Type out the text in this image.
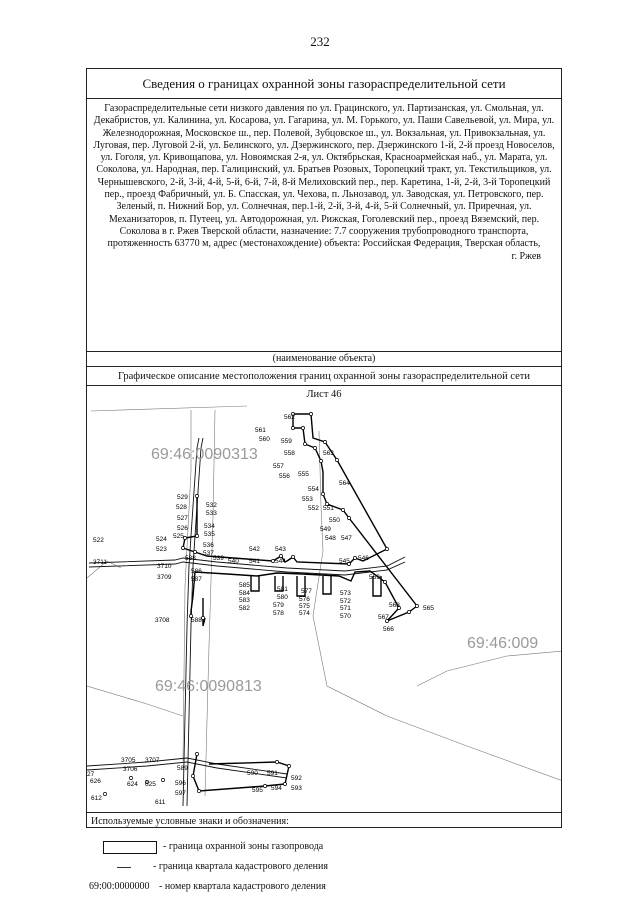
232
Сведения о границах охранной зоны газораспределительной сети
Газораспределительные сети низкого давления по ул. Грацинского, ул. Партизанская, ул. Смольная, ул. Декабристов, ул. Калинина, ул. Косарова, ул. Гагарина, ул. М. Горького, ул. Паши Савельевой, ул. Мира, ул. Железнодорожная, Московское ш., пер. Полевой, Зубцовское ш., ул. Вокзальная, ул. Привокзальная, ул. Луговая, пер. Луговой 2-й, ул. Белинского, ул. Дзержинского, пер. Дзержинского 1-й, 2-й проезд Новоселов, ул. Гоголя, ул. Кривощапова, ул. Новоямская 2-я, ул. Октябрьская, Красноармейская наб., ул. Марата, ул. Соколова, ул. Народная, пер. Галицинский, ул. Братьев Розовых, Торопецкий тракт, ул. Текстильщиков, ул. Чернышевского, 2-й, 3-й, 4-й, 5-й, 6-й, 7-й, 8-й Мелиховский пер., пер. Каретина, 1-й, 2-й, 3-й Торопецкий пер., проезд Фабричный, ул. Б. Спасская, ул. Чехова, п. Льнозавод, ул. Заводская, ул. Петровского, пер. Зеленый, п. Нижний Бор, ул. Солнечная, пер.1-й, 2-й, 3-й, 4-й, 5-й Солнечный, ул. Приречная, ул. Механизаторов, п. Путеец, ул. Автодорожная, ул. Рижская, Гоголевский пер., проезд Вяземский, пер. Соколова в г. Ржев Тверской области, назначение: 7.7 сооружения трубопроводного транспорта, протяженность 63770 м, адрес (местонахождение) объекта: Российская Федерация, Тверская область,
г. Ржев
(наименование объекта)
Графическое описание местоположения границ охранной зоны газораспределительной сети
Лист 46
69:46:0090313
69:46:009
69:46:0090813
561
562
560 559
558	563
557
556 555
564
554
553
552 551
550
549
548 547
529
528	532
533
527
526 534
535
525
524
536
537
523
522
538	539 540 541
542 543
544	545 546
3711
3710
586
3709	587
585
584
583
582
581
580
579
578
577
576
575
574
573
572
571
570
569
568	565
567
566
3708	588
3705 3707
3706	589
590 591
592
593
594
595
596
597
27
626	624 625
612
611
Используемые условные знаки и обозначения:
- граница охранной зоны газопровода
- граница квартала кадастрового деления
69:00:0000000 - номер квартала кадастрового деления
